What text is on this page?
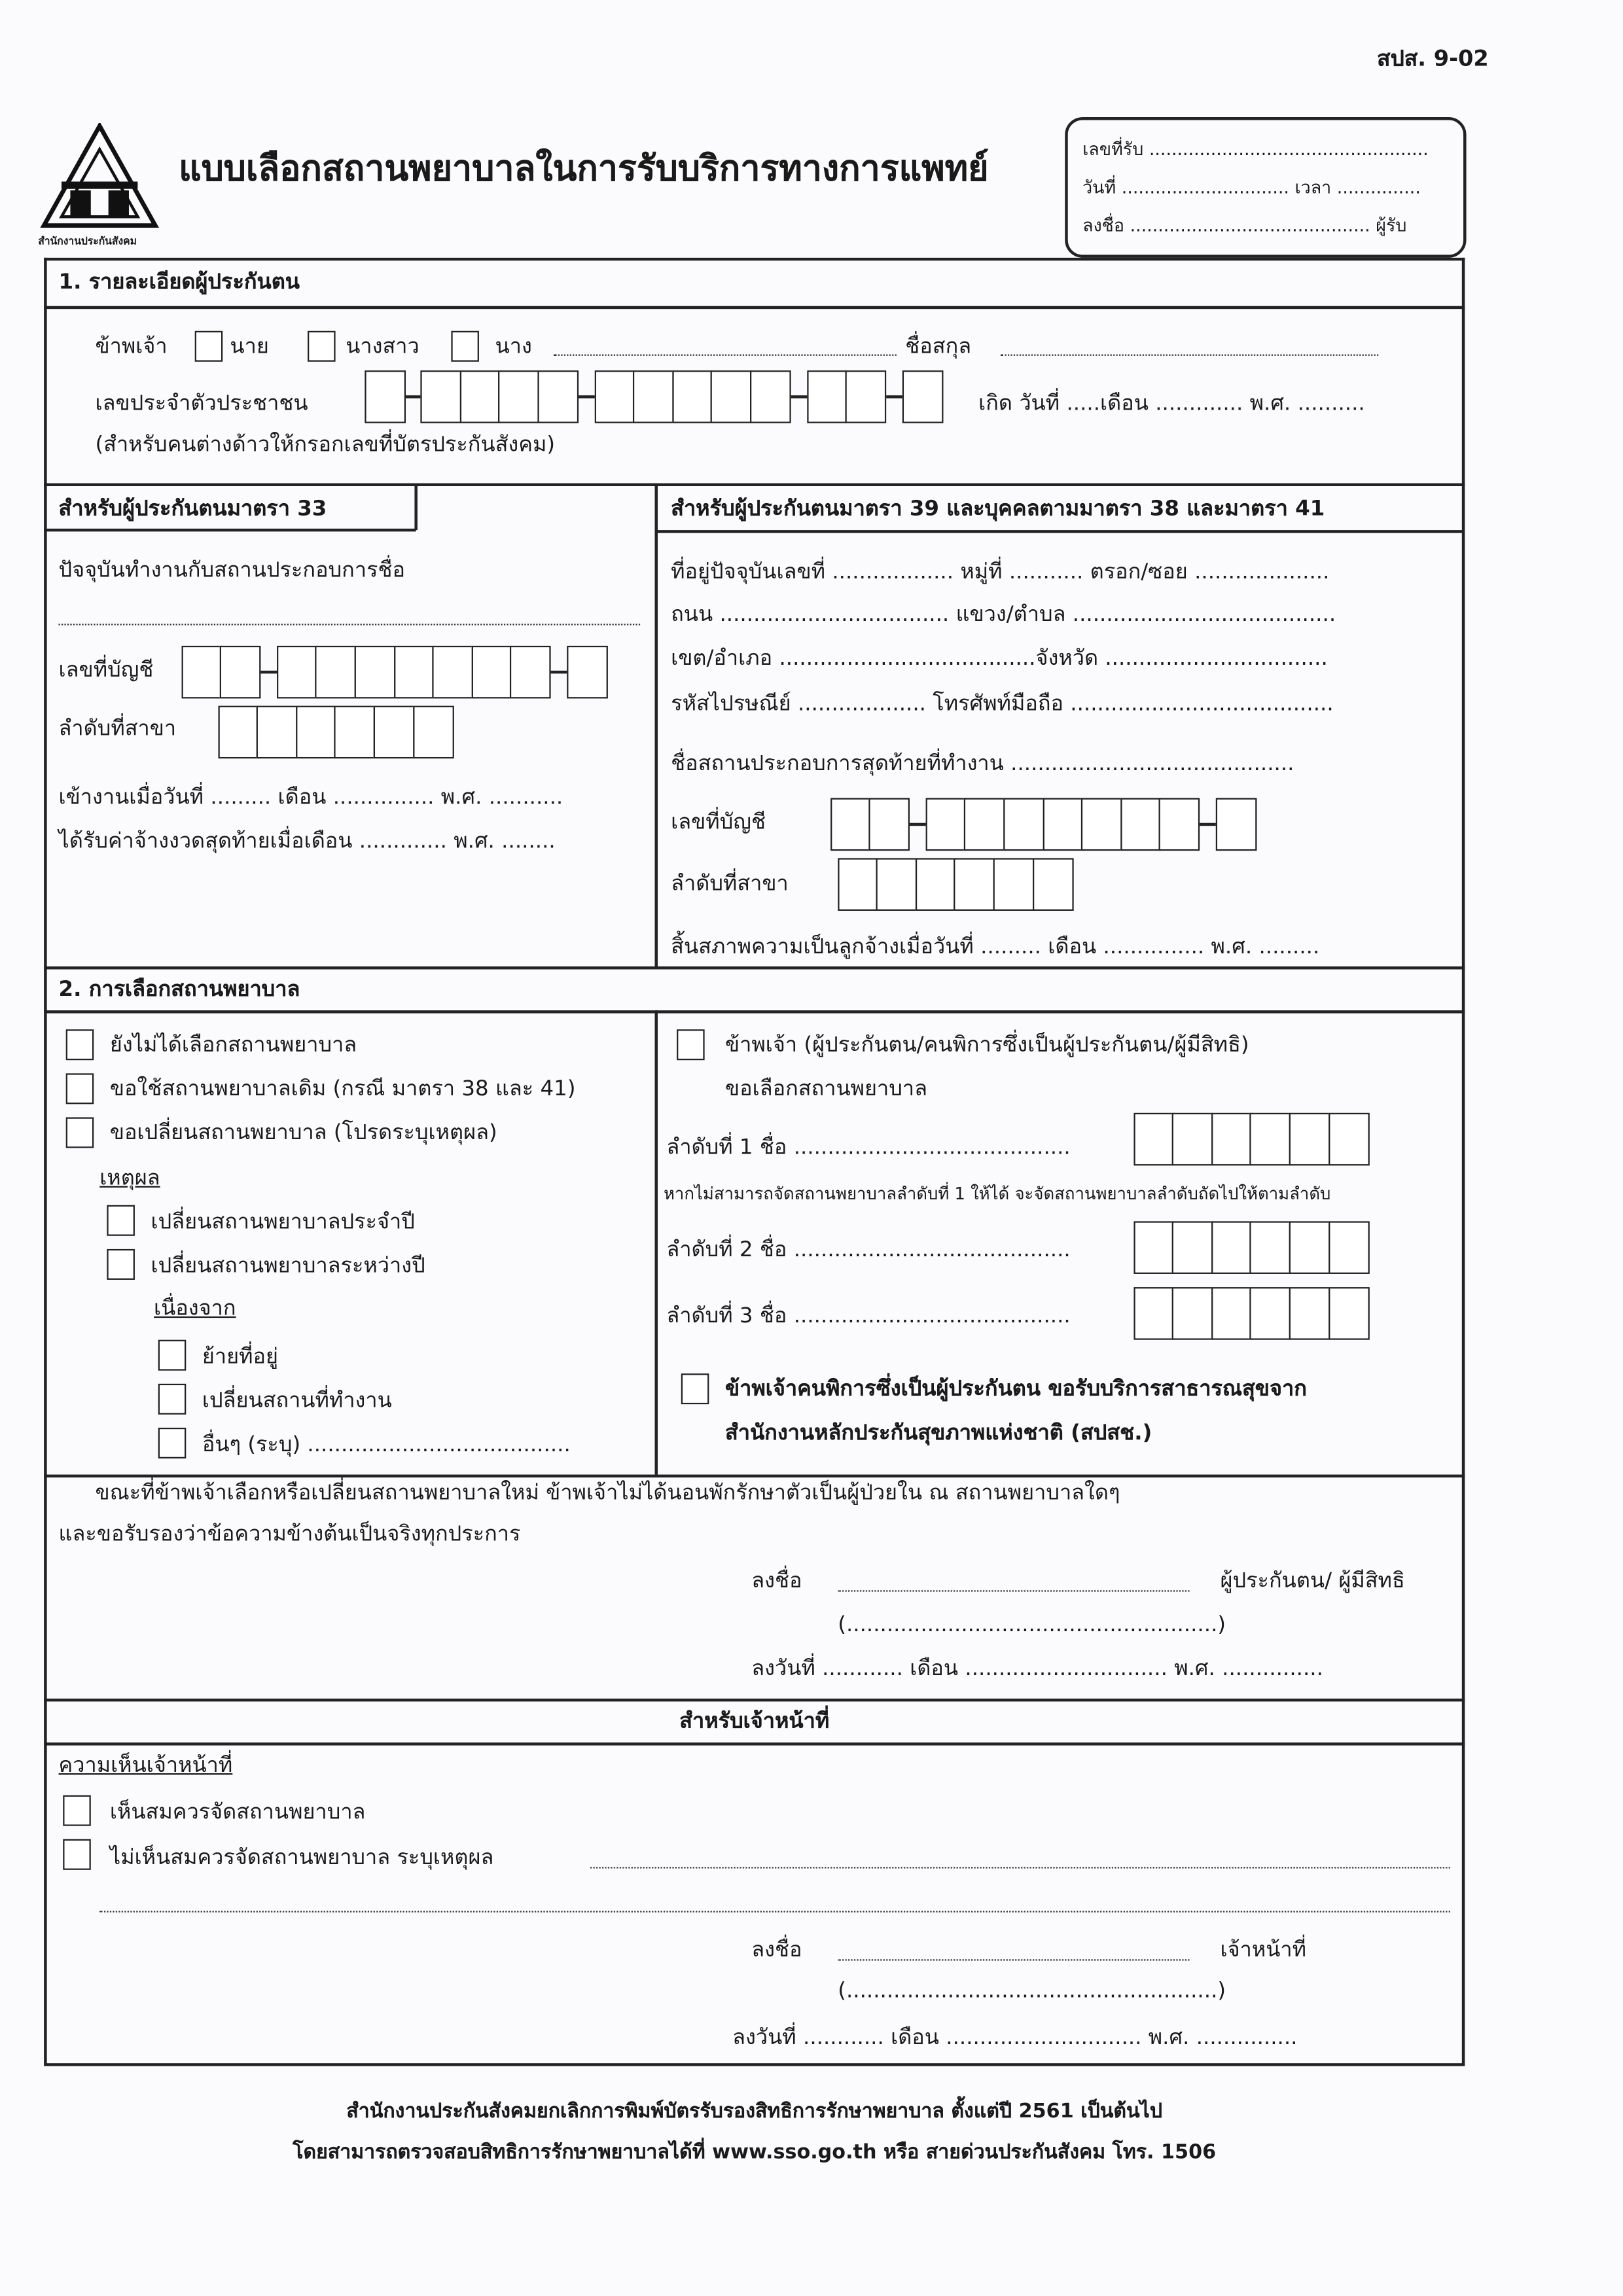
สปส. 9-02
สำนักงานประกันสังคม
แบบเลือกสถานพยาบาลในการรับบริการทางการแพทย์	เลขที่รับ ..................................................
วันที่ .............................. เวลา ...............
ลงชื่อ ........................................... ผู้รับ
1. รายละเอียดผู้ประกันตน
ข้าพเจ้า	นาย	นางสาว	นาง	ชื่อสกุล
เลขประจำตัวประชาชน	เกิด วันที่ .....เดือน ............. พ.ศ. ..........
(สำหรับคนต่างด้าวให้กรอกเลขที่บัตรประกันสังคม)
สำหรับผู้ประกันตนมาตรา 33
ปัจจุบันทำงานกับสถานประกอบการชื่อ
เลขที่บัญชี
ลำดับที่สาขา
เข้างานเมื่อวันที่ ......... เดือน ............... พ.ศ. ...........
ได้รับค่าจ้างงวดสุดท้ายเมื่อเดือน ............. พ.ศ. ........
สำหรับผู้ประกันตนมาตรา 39 และบุคคลตามมาตรา 38 และมาตรา 41
ที่อยู่ปัจจุบันเลขที่ .................. หมู่ที่ ........... ตรอก/ซอย ....................
ถนน .................................. แขวง/ตำบล .......................................
เขต/อำเภอ ......................................จังหวัด .................................
รหัสไปรษณีย์ ................... โทรศัพท์มือถือ .......................................
ชื่อสถานประกอบการสุดท้ายที่ทำงาน ..........................................
เลขที่บัญชี
ลำดับที่สาขา
สิ้นสภาพความเป็นลูกจ้างเมื่อวันที่ ......... เดือน ............... พ.ศ. .........
2. การเลือกสถานพยาบาล
ยังไม่ได้เลือกสถานพยาบาล
ขอใช้สถานพยาบาลเดิม (กรณี มาตรา 38 และ 41)
ขอเปลี่ยนสถานพยาบาล (โปรดระบุเหตุผล)
เหตุผล
เปลี่ยนสถานพยาบาลประจำปี
เปลี่ยนสถานพยาบาลระหว่างปี
เนื่องจาก
ย้ายที่อยู่
เปลี่ยนสถานที่ทำงาน
อื่นๆ (ระบุ) .......................................
ข้าพเจ้า (ผู้ประกันตน/คนพิการซึ่งเป็นผู้ประกันตน/ผู้มีสิทธิ)
ขอเลือกสถานพยาบาล
ลำดับที่ 1 ชื่อ .........................................
หากไม่สามารถจัดสถานพยาบาลลำดับที่ 1 ให้ได้ จะจัดสถานพยาบาลลำดับถัดไปให้ตามลำดับ
ลำดับที่ 2 ชื่อ .........................................
ลำดับที่ 3 ชื่อ .........................................
ข้าพเจ้าคนพิการซึ่งเป็นผู้ประกันตน ขอรับบริการสาธารณสุขจาก
สำนักงานหลักประกันสุขภาพแห่งชาติ (สปสช.)
ขณะที่ข้าพเจ้าเลือกหรือเปลี่ยนสถานพยาบาลใหม่ ข้าพเจ้าไม่ได้นอนพักรักษาตัวเป็นผู้ป่วยใน ณ สถานพยาบาลใดๆ
และขอรับรองว่าข้อความข้างต้นเป็นจริงทุกประการ
ลงชื่อ	ผู้ประกันตน/ ผู้มีสิทธิ
(.......................................................)
ลงวันที่ ............ เดือน .............................. พ.ศ. ...............
สำหรับเจ้าหน้าที่
ความเห็นเจ้าหน้าที่
เห็นสมควรจัดสถานพยาบาล
ไม่เห็นสมควรจัดสถานพยาบาล ระบุเหตุผล
ลงชื่อ	เจ้าหน้าที่
(.......................................................)
ลงวันที่ ............ เดือน ............................. พ.ศ. ...............
สำนักงานประกันสังคมยกเลิกการพิมพ์บัตรรับรองสิทธิการรักษาพยาบาล ตั้งแต่ปี 2561 เป็นต้นไป
โดยสามารถตรวจสอบสิทธิการรักษาพยาบาลได้ที่ www.sso.go.th หรือ สายด่วนประกันสังคม โทร. 1506
